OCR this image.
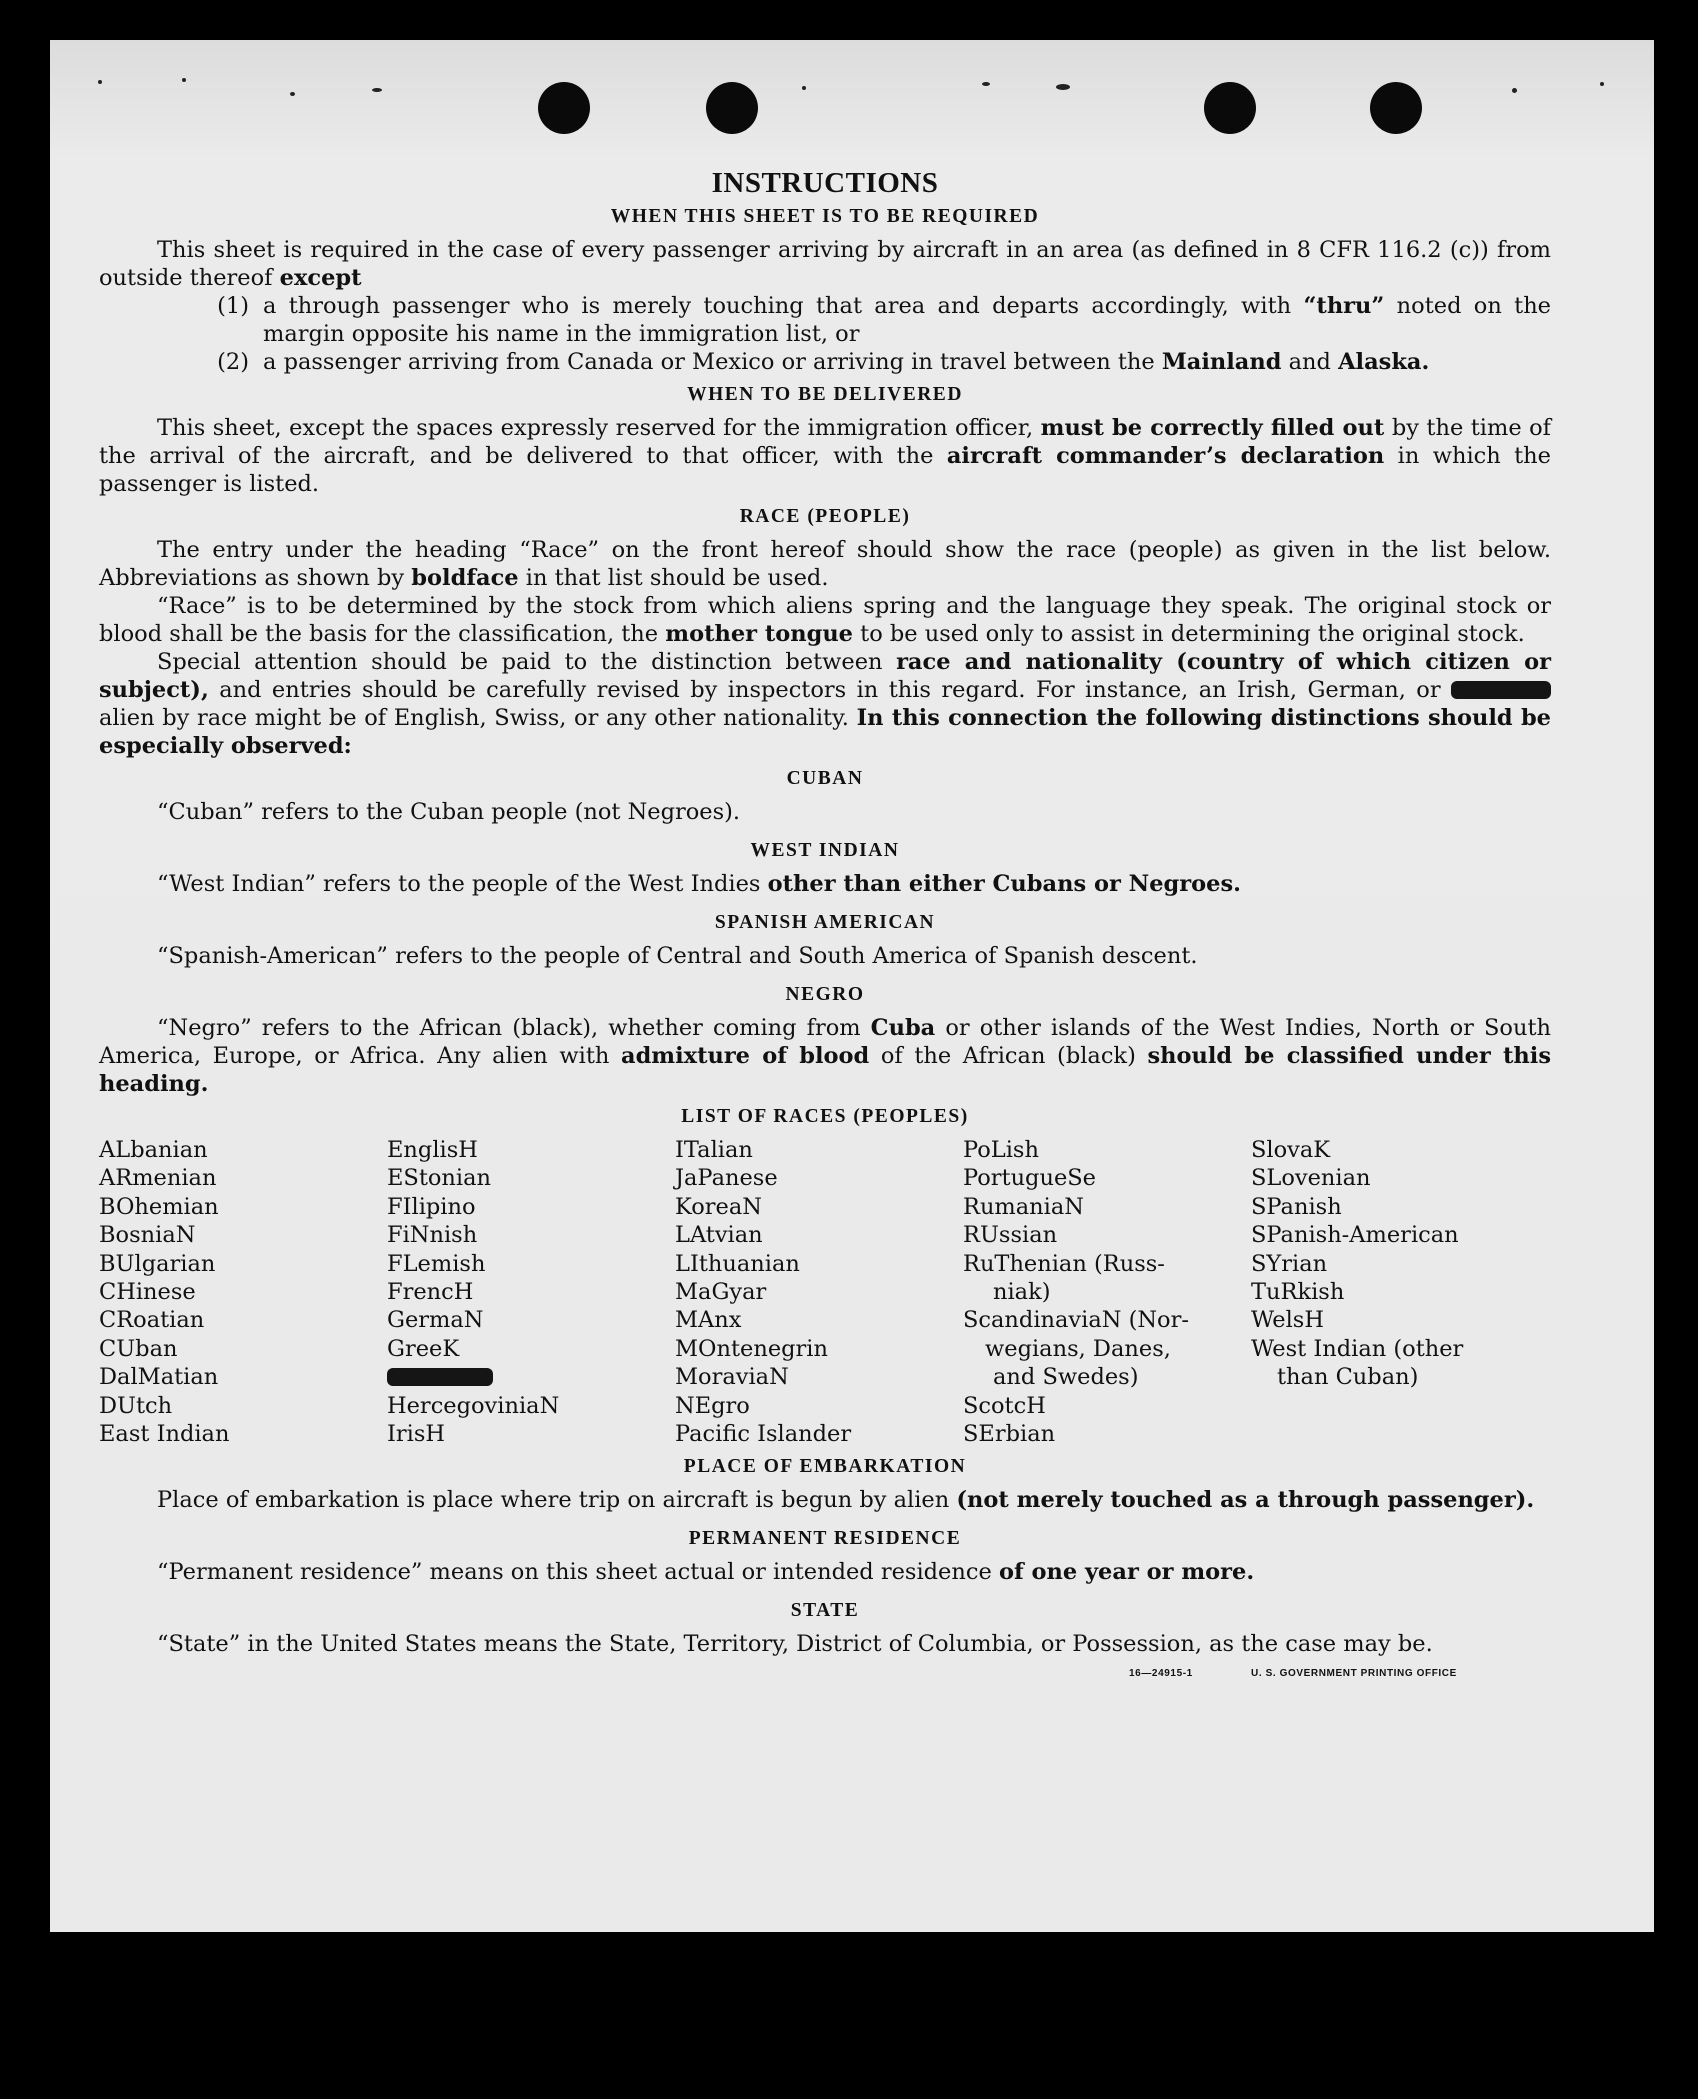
INSTRUCTIONS
WHEN THIS SHEET IS TO BE REQUIRED

This sheet is required in the case of every passenger arriving by aircraft in an area (as defined in 8 CFR 116.2 (c)) from outside thereof except

(1) a through passenger who is merely touching that area and departs accordingly, with “thru” noted on the margin opposite his name in the immigration list, or
(2) a passenger arriving from Canada or Mexico or arriving in travel between the Mainland and Alaska.
WHEN TO BE DELIVERED

This sheet, except the spaces expressly reserved for the immigration officer, must be correctly filled out by the time of the arrival of the aircraft, and be delivered to that officer, with the aircraft commander’s declaration in which the passenger is listed.

RACE (PEOPLE)

The entry under the heading “Race” on the front hereof should show the race (people) as given in the list below. Abbreviations as shown by boldface in that list should be used.

“Race” is to be determined by the stock from which aliens spring and the language they speak. The original stock or blood shall be the basis for the classification, the mother tongue to be used only to assist in determining the original stock.

Special attention should be paid to the distinction between race and nationality (country of which citizen or subject), and entries should be carefully revised by inspectors in this regard. For instance, an Irish, German, or  alien by race might be of English, Swiss, or any other nationality. In this connection the following distinctions should be especially observed:

CUBAN

“Cuban” refers to the Cuban people (not Negroes).

WEST INDIAN

“West Indian” refers to the people of the West Indies other than either Cubans or Negroes.

SPANISH AMERICAN

“Spanish-American” refers to the people of Central and South America of Spanish descent.

NEGRO

“Negro” refers to the African (black), whether coming from Cuba or other islands of the West Indies, North or South America, Europe, or Africa. Any alien with admixture of blood of the African (black) should be classified under this heading.

LIST OF RACES (PEOPLES)
ALbanian
ARmenian
BOhemian
BosniaN
BUlgarian
CHinese
CRoatian
CUban
DalMatian
DUtch
East Indian
EnglisH
EStonian
FIlipino
FiNnish
FLemish
FrencH
GermaN
GreeK
HercegoviniaN
IrisH
ITalian
JaPanese
KoreaN
LAtvian
LIthuanian
MaGyar
MAnx
MOntenegrin
MoraviaN
NEgro
Pacific Islander
PoLish
PortugueSe
RumaniaN
RUssian
RuThenian (Russ-
niak)
ScandinaviaN (Nor-
wegians, Danes,
and Swedes)
ScotcH
SErbian
SlovaK
SLovenian
SPanish
SPanish-American
SYrian
TuRkish
WelsH
West Indian (other
than Cuban)
PLACE OF EMBARKATION

Place of embarkation is place where trip on aircraft is begun by alien (not merely touched as a through passenger).

PERMANENT RESIDENCE

“Permanent residence” means on this sheet actual or intended residence of one year or more.

STATE

“State” in the United States means the State, Territory, District of Columbia, or Possession, as the case may be.

16—24915-1	U. S. GOVERNMENT PRINTING OFFICE
